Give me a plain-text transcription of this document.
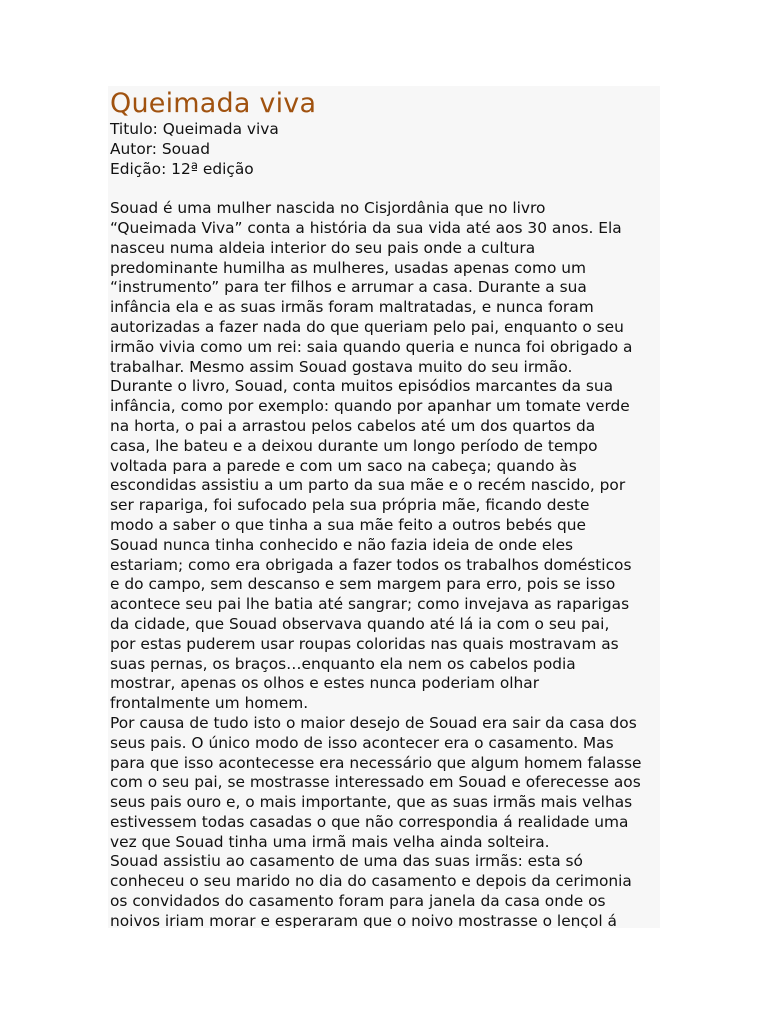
Queimada viva
Titulo: Queimada viva
Autor: Souad
Edição: 12ª edição

Souad é uma mulher nascida no Cisjordânia que no livro
“Queimada Viva” conta a história da sua vida até aos 30 anos. Ela
nasceu numa aldeia interior do seu pais onde a cultura
predominante humilha as mulheres, usadas apenas como um
“instrumento” para ter filhos e arrumar a casa. Durante a sua
infância ela e as suas irmãs foram maltratadas, e nunca foram
autorizadas a fazer nada do que queriam pelo pai, enquanto o seu
irmão vivia como um rei: saia quando queria e nunca foi obrigado a
trabalhar. Mesmo assim Souad gostava muito do seu irmão.

Durante o livro, Souad, conta muitos episódios marcantes da sua
infância, como por exemplo: quando por apanhar um tomate verde
na horta, o pai a arrastou pelos cabelos até um dos quartos da
casa, lhe bateu e a deixou durante um longo período de tempo
voltada para a parede e com um saco na cabeça; quando às
escondidas assistiu a um parto da sua mãe e o recém nascido, por
ser rapariga, foi sufocado pela sua própria mãe, ficando deste
modo a saber o que tinha a sua mãe feito a outros bebés que
Souad nunca tinha conhecido e não fazia ideia de onde eles
estariam; como era obrigada a fazer todos os trabalhos domésticos
e do campo, sem descanso e sem margem para erro, pois se isso
acontece seu pai lhe batia até sangrar; como invejava as raparigas
da cidade, que Souad observava quando até lá ia com o seu pai,
por estas puderem usar roupas coloridas nas quais mostravam as
suas pernas, os braços…enquanto ela nem os cabelos podia
mostrar, apenas os olhos e estes nunca poderiam olhar
frontalmente um homem.

Por causa de tudo isto o maior desejo de Souad era sair da casa dos
seus pais. O único modo de isso acontecer era o casamento. Mas
para que isso acontecesse era necessário que algum homem falasse
com o seu pai, se mostrasse interessado em Souad e oferecesse aos
seus pais ouro e, o mais importante, que as suas irmãs mais velhas
estivessem todas casadas o que não correspondia á realidade uma
vez que Souad tinha uma irmã mais velha ainda solteira.

Souad assistiu ao casamento de uma das suas irmãs: esta só
conheceu o seu marido no dia do casamento e depois da cerimonia
os convidados do casamento foram para janela da casa onde os
noivos iriam morar e esperaram que o noivo mostrasse o lençol á
